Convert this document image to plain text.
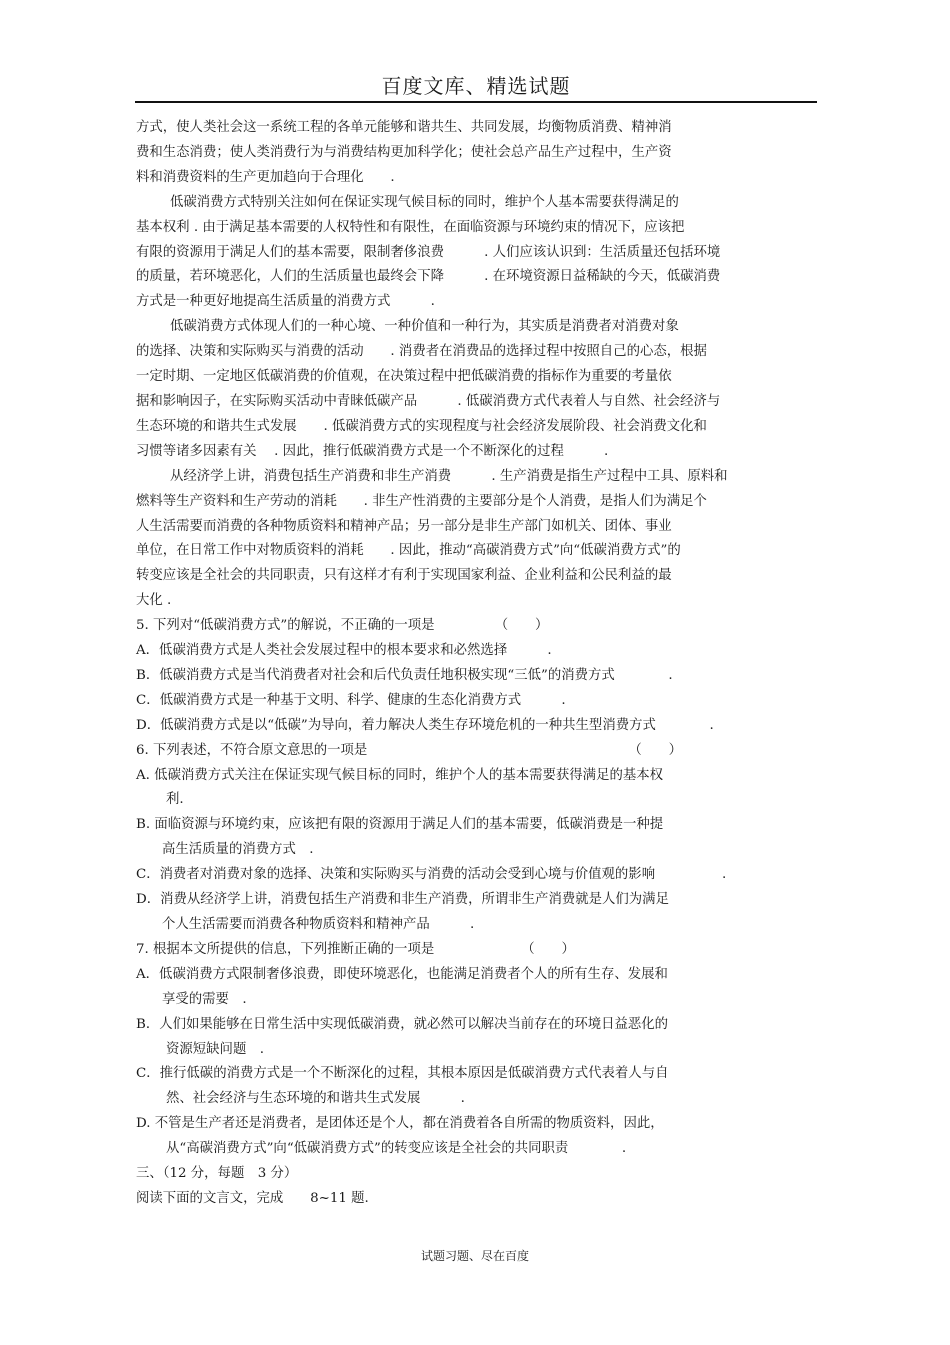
百度文库、精选试题
方式，使人类社会这一系统工程的各单元能够和谐共生、共同发展，均衡物质消费、精神消
费和生态消费；使人类消费行为与消费结构更加科学化；使社会总产品生产过程中，生产资
料和消费资料的生产更加趋向于合理化　　.
低碳消费方式特别关注如何在保证实现气候目标的同时，维护个人基本需要获得满足的
基本权利 . 由于满足基本需要的人权特性和有限性，在面临资源与环境约束的情况下，应该把
有限的资源用于满足人们的基本需要，限制奢侈浪费　　　. 人们应该认识到：生活质量还包括环境
的质量，若环境恶化，人们的生活质量也最终会下降　　　. 在环境资源日益稀缺的今天，低碳消费
方式是一种更好地提高生活质量的消费方式　　　.
低碳消费方式体现人们的一种心境、一种价值和一种行为，其实质是消费者对消费对象
的选择、决策和实际购买与消费的活动　　. 消费者在消费品的选择过程中按照自己的心态，根据
一定时期、一定地区低碳消费的价值观，在决策过程中把低碳消费的指标作为重要的考量依
据和影响因子，在实际购买活动中青睐低碳产品　　　. 低碳消费方式代表着人与自然、社会经济与
生态环境的和谐共生式发展　　. 低碳消费方式的实现程度与社会经济发展阶段、社会消费文化和
习惯等诸多因素有关　 . 因此，推行低碳消费方式是一个不断深化的过程　　　.
从经济学上讲，消费包括生产消费和非生产消费　　　. 生产消费是指生产过程中工具、原料和
燃料等生产资料和生产劳动的消耗　　. 非生产性消费的主要部分是个人消费，是指人们为满足个
人生活需要而消费的各种物质资料和精神产品；另一部分是非生产部门如机关、团体、事业
单位，在日常工作中对物质资料的消耗　　. 因此，推动“高碳消费方式”向“低碳消费方式”的
转变应该是全社会的共同职责，只有这样才有利于实现国家利益、企业利益和公民利益的最
大化 .
5. 下列对“低碳消费方式”的解说，不正确的一项是　　　　　（　　）
A．低碳消费方式是人类社会发展过程中的根本要求和必然选择　　　.
B．低碳消费方式是当代消费者对社会和后代负责任地积极实现“三低”的消费方式　　　　.
C．低碳消费方式是一种基于文明、科学、健康的生态化消费方式　　　.
D．低碳消费方式是以“低碳”为导向，着力解决人类生存环境危机的一种共生型消费方式　　　　.
6. 下列表述，不符合原文意思的一项是　　　　　　　　　　　　　　　　　　　　（　　）
A. 低碳消费方式关注在保证实现气候目标的同时，维护个人的基本需要获得满足的基本权
利.
B. 面临资源与环境约束，应该把有限的资源用于满足人们的基本需要，低碳消费是一种提
高生活质量的消费方式　.
C．消费者对消费对象的选择、决策和实际购买与消费的活动会受到心境与价值观的影响　　　　　.
D．消费从经济学上讲，消费包括生产消费和非生产消费，所谓非生产消费就是人们为满足
个人生活需要而消费各种物质资料和精神产品　　　.
7. 根据本文所提供的信息，下列推断正确的一项是　　　　　　　（　　）
A．低碳消费方式限制奢侈浪费，即使环境恶化，也能满足消费者个人的所有生存、发展和
享受的需要　.
B．人们如果能够在日常生活中实现低碳消费，就必然可以解决当前存在的环境日益恶化的
资源短缺问题　.
C．推行低碳的消费方式是一个不断深化的过程，其根本原因是低碳消费方式代表着人与自
然、社会经济与生态环境的和谐共生式发展　　　.
D. 不管是生产者还是消费者，是团体还是个人，都在消费着各自所需的物质资料，因此，
从“高碳消费方式”向“低碳消费方式”的转变应该是全社会的共同职责　　　　.
三、（12 分，每题　3 分）
阅读下面的文言文，完成　　8~11 题.
试题习题、尽在百度
